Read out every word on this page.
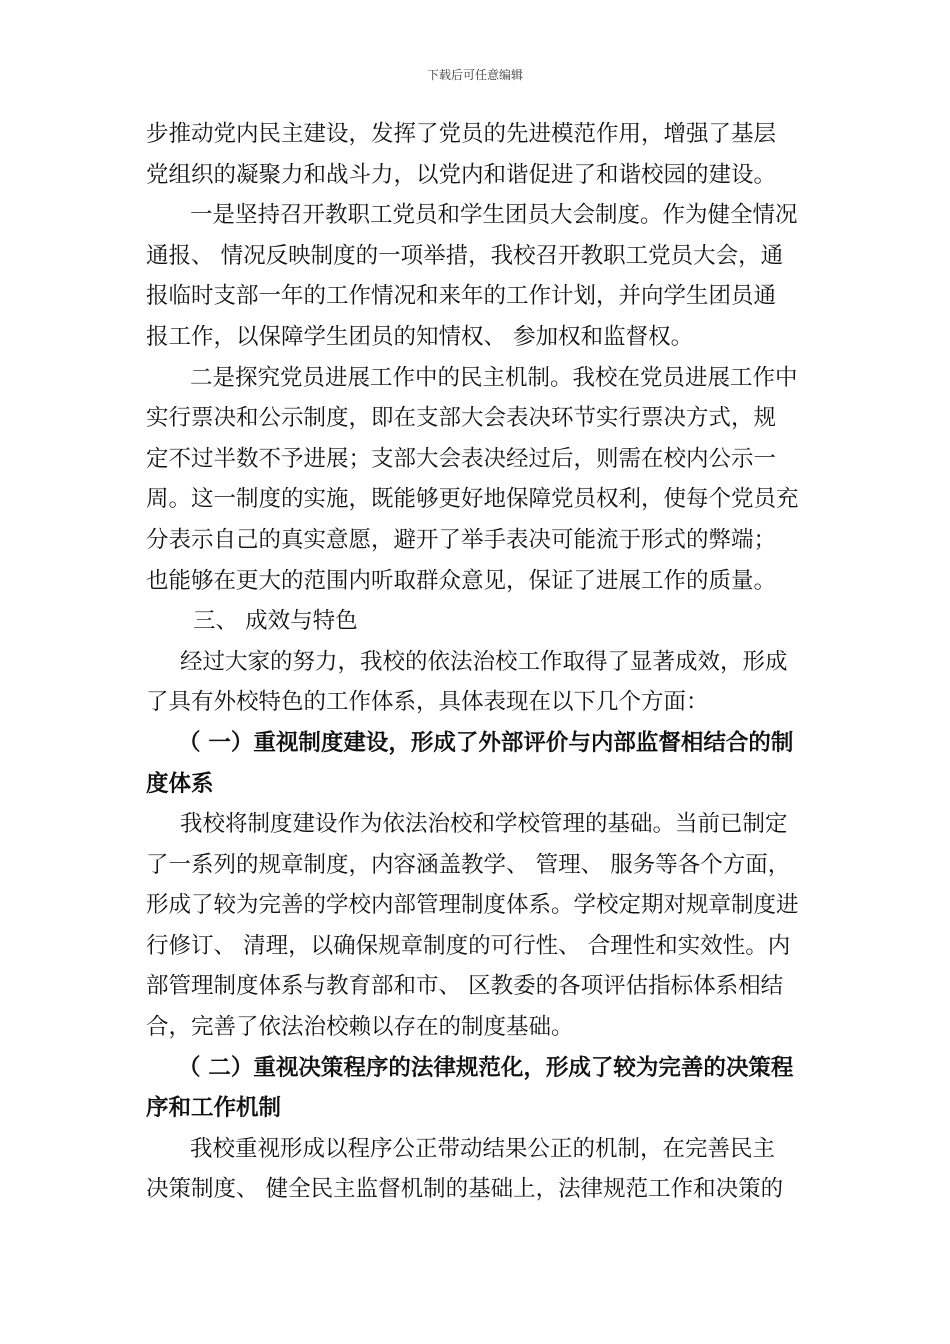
下载后可任意编辑
步推动党内民主建设，发挥了党员的先进模范作用，增强了基层
党组织的凝聚力和战斗力，以党内和谐促进了和谐校园的建设。
一是坚持召开教职工党员和学生团员大会制度。作为健全情况
通报、 情况反映制度的一项举措，我校召开教职工党员大会，通
报临时支部一年的工作情况和来年的工作计划，并向学生团员通
报工作，以保障学生团员的知情权、 参加权和监督权。
二是探究党员进展工作中的民主机制。我校在党员进展工作中
实行票决和公示制度，即在支部大会表决环节实行票决方式，规
定不过半数不予进展；支部大会表决经过后，则需在校内公示一
周。这一制度的实施，既能够更好地保障党员权利，使每个党员充
分表示自己的真实意愿，避开了举手表决可能流于形式的弊端；
也能够在更大的范围内听取群众意见，保证了进展工作的质量。
三、 成效与特色
经过大家的努力，我校的依法治校工作取得了显著成效，形成
了具有外校特色的工作体系，具体表现在以下几个方面：
（ 一）重视制度建设，形成了外部评价与内部监督相结合的制
度体系
我校将制度建设作为依法治校和学校管理的基础。当前已制定
了一系列的规章制度，内容涵盖教学、 管理、 服务等各个方面，
形成了较为完善的学校内部管理制度体系。学校定期对规章制度进
行修订、 清理，以确保规章制度的可行性、 合理性和实效性。内
部管理制度体系与教育部和市、 区教委的各项评估指标体系相结
合，完善了依法治校赖以存在的制度基础。
（ 二）重视决策程序的法律规范化，形成了较为完善的决策程
序和工作机制
我校重视形成以程序公正带动结果公正的机制，在完善民主
决策制度、 健全民主监督机制的基础上，法律规范工作和决策的
